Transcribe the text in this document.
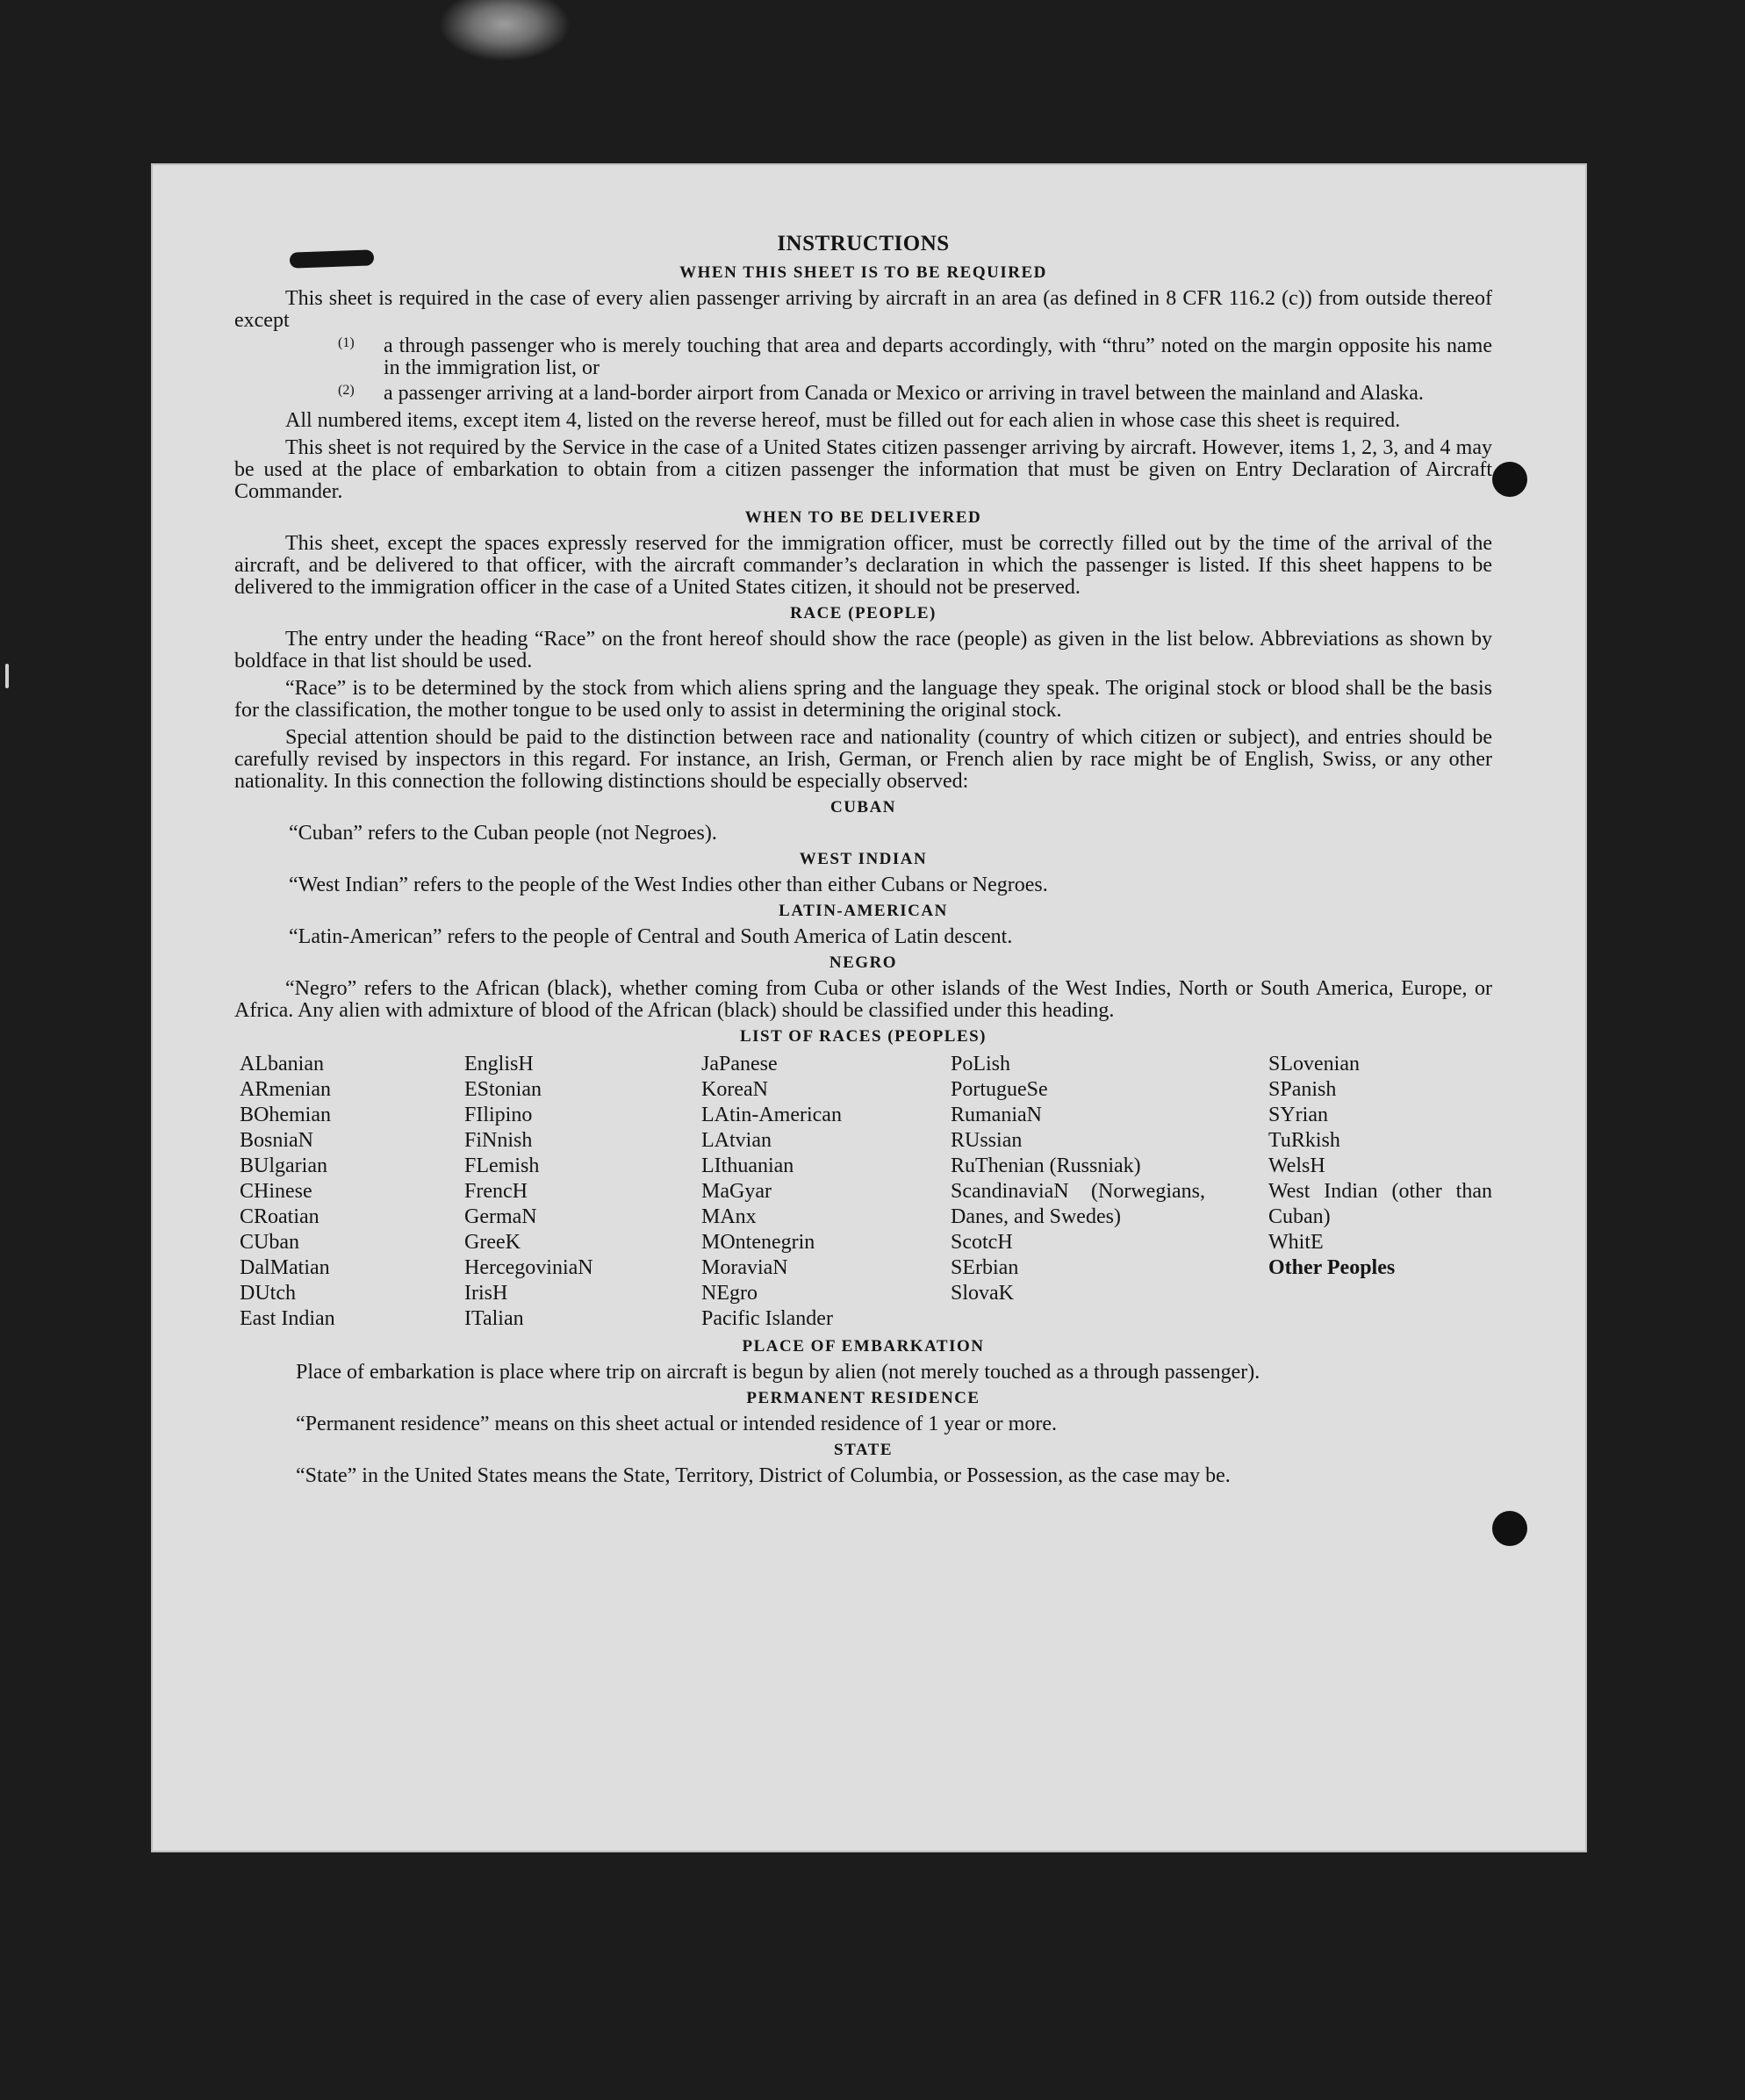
INSTRUCTIONS
WHEN THIS SHEET IS TO BE REQUIRED

This sheet is required in the case of every alien passenger arriving by aircraft in an area (as defined in 8 CFR 116.2 (c)) from outside thereof except

(1)	a through passenger who is merely touching that area and departs accordingly, with “thru” noted on the margin opposite his name in the immigration list, or

(2)	a passenger arriving at a land-border airport from Canada or Mexico or arriving in travel between the mainland and Alaska.

All numbered items, except item 4, listed on the reverse hereof, must be filled out for each alien in whose case this sheet is required.

This sheet is not required by the Service in the case of a United States citizen passenger arriving by aircraft. However, items 1, 2, 3, and 4 may be used at the place of embarkation to obtain from a citizen passenger the information that must be given on Entry Declaration of Aircraft Commander.

WHEN TO BE DELIVERED

This sheet, except the spaces expressly reserved for the immigration officer, must be correctly filled out by the time of the arrival of the aircraft, and be delivered to that officer, with the aircraft commander’s declaration in which the passenger is listed. If this sheet happens to be delivered to the immigration officer in the case of a United States citizen, it should not be preserved.

RACE (PEOPLE)

The entry under the heading “Race” on the front hereof should show the race (people) as given in the list below. Abbreviations as shown by boldface in that list should be used.

“Race” is to be determined by the stock from which aliens spring and the language they speak. The original stock or blood shall be the basis for the classification, the mother tongue to be used only to assist in determining the original stock.

Special attention should be paid to the distinction between race and nationality (country of which citizen or subject), and entries should be carefully revised by inspectors in this regard. For instance, an Irish, German, or French alien by race might be of English, Swiss, or any other nationality. In this connection the following distinctions should be especially observed:

CUBAN

“Cuban” refers to the Cuban people (not Negroes).

WEST INDIAN

“West Indian” refers to the people of the West Indies other than either Cubans or Negroes.

LATIN-AMERICAN

“Latin-American” refers to the people of Central and South America of Latin descent.

NEGRO

“Negro” refers to the African (black), whether coming from Cuba or other islands of the West Indies, North or South America, Europe, or Africa. Any alien with admixture of blood of the African (black) should be classified under this heading.

LIST OF RACES (PEOPLES)
ALbanian
ARmenian
BOhemian
BosniaN
BUlgarian
CHinese
CRoatian
CUban
DalMatian
DUtch
East Indian
EnglisH
EStonian
FIlipino
FiNnish
FLemish
FrencH
GermaN
GreeK
HercegoviniaN
IrisH
ITalian
JaPanese
KoreaN
LAtin-American
LAtvian
LIthuanian
MaGyar
MAnx
MOntenegrin
MoraviaN
NEgro
Pacific Islander
PoLish
PortugueSe
RumaniaN
RUssian
RuThenian (Russniak)
ScandinaviaN (Norwegians, Danes, and Swedes)
ScotcH
SErbian
SlovaK
SLovenian
SPanish
SYrian
TuRkish
WelsH
West Indian (other than Cuban)
WhitE
Other Peoples
PLACE OF EMBARKATION

Place of embarkation is place where trip on aircraft is begun by alien (not merely touched as a through passenger).

PERMANENT RESIDENCE

“Permanent residence” means on this sheet actual or intended residence of 1 year or more.

STATE

“State” in the United States means the State, Territory, District of Columbia, or Possession, as the case may be.
